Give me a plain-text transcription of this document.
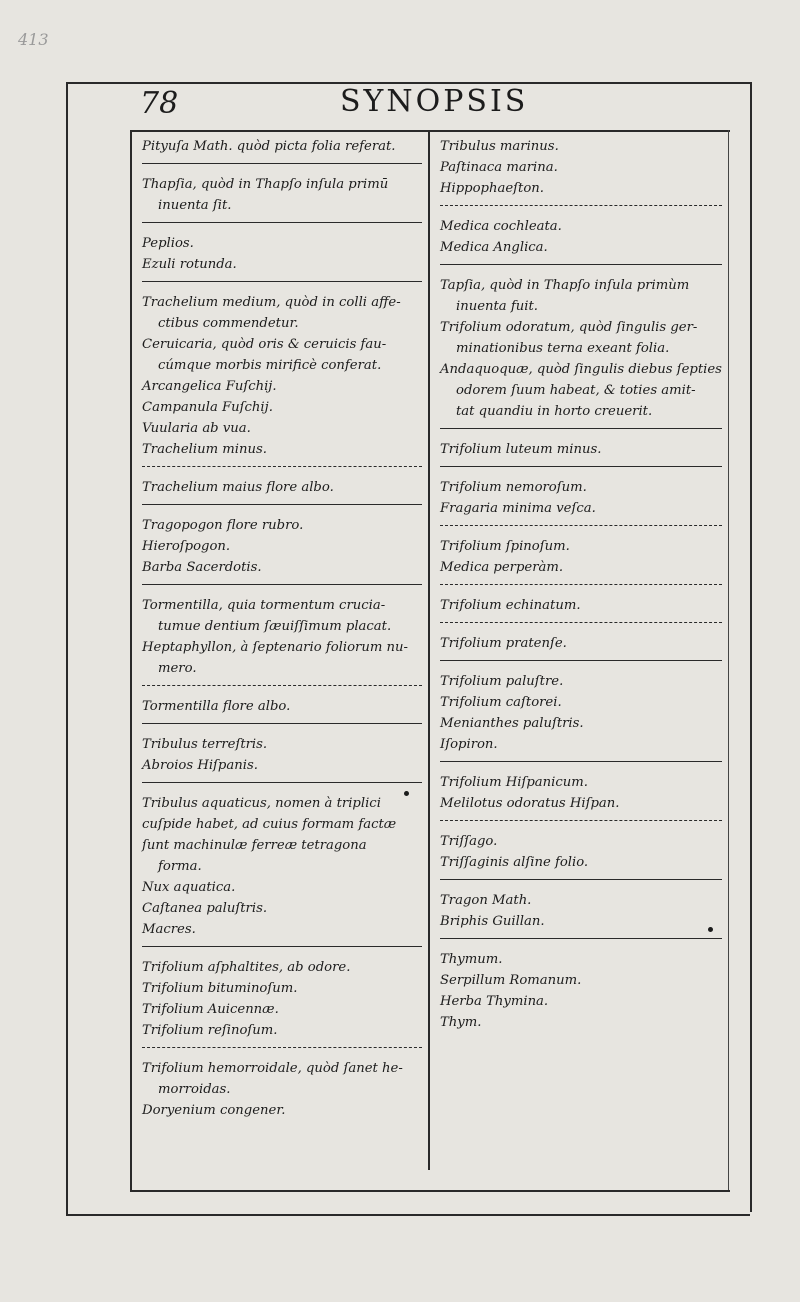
413
78	SYNOPSIS
Pityuſa Math. quòd picta folia referat.
Thapſia, quòd in Thapſo inſula primū
inuenta ſit.
Peplios.
Ezuli rotunda.
Trachelium medium, quòd in colli affe-
ctibus commendetur.
Ceruicaria, quòd oris & ceruicis fau-
cúmque morbis mirificè conferat.
Arcangelica Fuſchij.
Campanula Fuſchij.
Vuularia ab vua.
Trachelium minus.
Trachelium maius flore albo.
Tragopogon flore rubro.
Hieroſpogon.
Barba Sacerdotis.
Tormentilla, quia tormentum crucia-
tumue dentium ſæuiſſimum placat.
Heptaphyllon, à ſeptenario foliorum nu-
mero.
Tormentilla flore albo.
Tribulus terreſtris.
Abroios Hiſpanis.
Tribulus aquaticus, nomen à triplici
cuſpide habet, ad cuius formam factæ
ſunt machinulæ ferreæ tetragona
forma.
Nux aquatica.
Caſtanea paluſtris.
Macres.
Trifolium aſphaltites, ab odore.
Trifolium bituminoſum.
Trifolium Auicennæ.
Trifolium reſinoſum.
Trifolium hemorroidale, quòd ſanet he-
morroidas.
Doryenium congener.
Tribulus marinus.
Paſtinaca marina.
Hippophaeſton.
Medica cochleata.
Medica Anglica.
Tapſia, quòd in Thapſo inſula primùm
inuenta fuit.
Trifolium odoratum, quòd ſingulis ger-
minationibus terna exeant folia.
Andaquoquæ, quòd ſingulis diebus ſepties
odorem ſuum habeat, & toties amit-
tat quandiu in horto creuerit.
Trifolium luteum minus.
Trifolium nemoroſum.
Fragaria minima veſca.
Trifolium ſpinoſum.
Medica perperàm.
Trifolium echinatum.
Trifolium pratenſe.
Trifolium paluſtre.
Trifolium caſtorei.
Menianthes paluſtris.
Iſopiron.
Trifolium Hiſpanicum.
Melilotus odoratus Hiſpan.
Triſſago.
Triſſaginis alſine folio.
Tragon Math.
Briphis Guillan.
Thymum.
Serpillum Romanum.
Herba Thymina.
Thym.
